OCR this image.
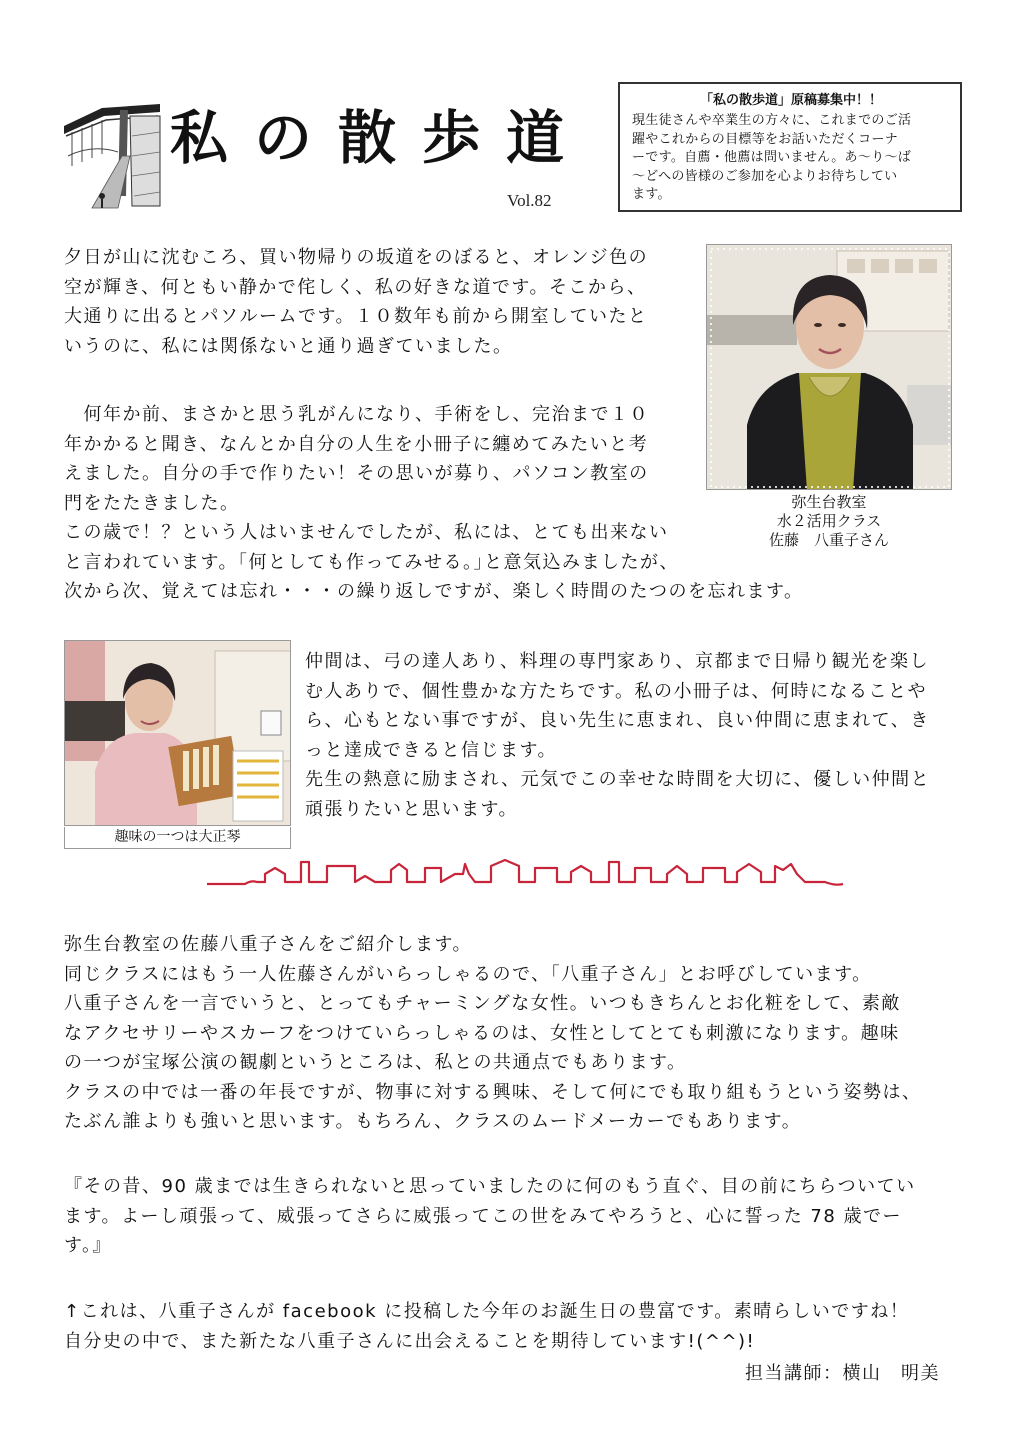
私の散歩道
Vol.82
「私の散歩道」原稿募集中！！
現生徒さんや卒業生の方々に、これまでのご活
躍やこれからの目標等をお話いただくコーナ
ーです。自薦・他薦は問いません。あ～り～ば
～どへの皆様のご参加を心よりお待ちしてい
ます。
夕日が山に沈むころ、買い物帰りの坂道をのぼると、オレンジ色の
空が輝き、何ともい静かで侘しく、私の好きな道です。そこから、
大通りに出るとパソルームです。１０数年も前から開室していたと
いうのに、私には関係ないと通り過ぎていました。
　何年か前、まさかと思う乳がんになり、手術をし、完治まで１０
年かかると聞き、なんとか自分の人生を小冊子に纏めてみたいと考
えました。自分の手で作りたい！その思いが募り、パソコン教室の
門をたたきました。
この歳で！？という人はいませんでしたが、私には、とても出来ない
と言われています。｢何としても作ってみせる。｣と意気込みましたが、
次から次、覚えては忘れ・・・の繰り返しですが、楽しく時間のたつのを忘れます。
弥生台教室
水２活用クラス
佐藤　八重子さん
趣味の一つは大正琴
仲間は、弓の達人あり、料理の専門家あり、京都まで日帰り観光を楽し
む人ありで、個性豊かな方たちです。私の小冊子は、何時になることや
ら、心もとない事ですが、良い先生に恵まれ、良い仲間に恵まれて、き
っと達成できると信じます。
先生の熱意に励まされ、元気でこの幸せな時間を大切に、優しい仲間と
頑張りたいと思います。
弥生台教室の佐藤八重子さんをご紹介します。
同じクラスにはもう一人佐藤さんがいらっしゃるので、「八重子さん」とお呼びしています。
八重子さんを一言でいうと、とってもチャーミングな女性。いつもきちんとお化粧をして、素敵
なアクセサリーやスカーフをつけていらっしゃるのは、女性としてとても刺激になります。趣味
の一つが宝塚公演の観劇というところは、私との共通点でもあります。
クラスの中では一番の年長ですが、物事に対する興味、そして何にでも取り組もうという姿勢は、
たぶん誰よりも強いと思います。もちろん、クラスのムードメーカーでもあります。
『その昔、90 歳までは生きられないと思っていましたのに何のもう直ぐ、目の前にちらついてい
ます。よーし頑張って、威張ってさらに威張ってこの世をみてやろうと、心に誓った 78 歳でー
す。』
↑これは、八重子さんが facebook に投稿した今年のお誕生日の豊富です。素晴らしいですね！
自分史の中で、また新たな八重子さんに出会えることを期待しています!(^^)!
担当講師：横山　明美
